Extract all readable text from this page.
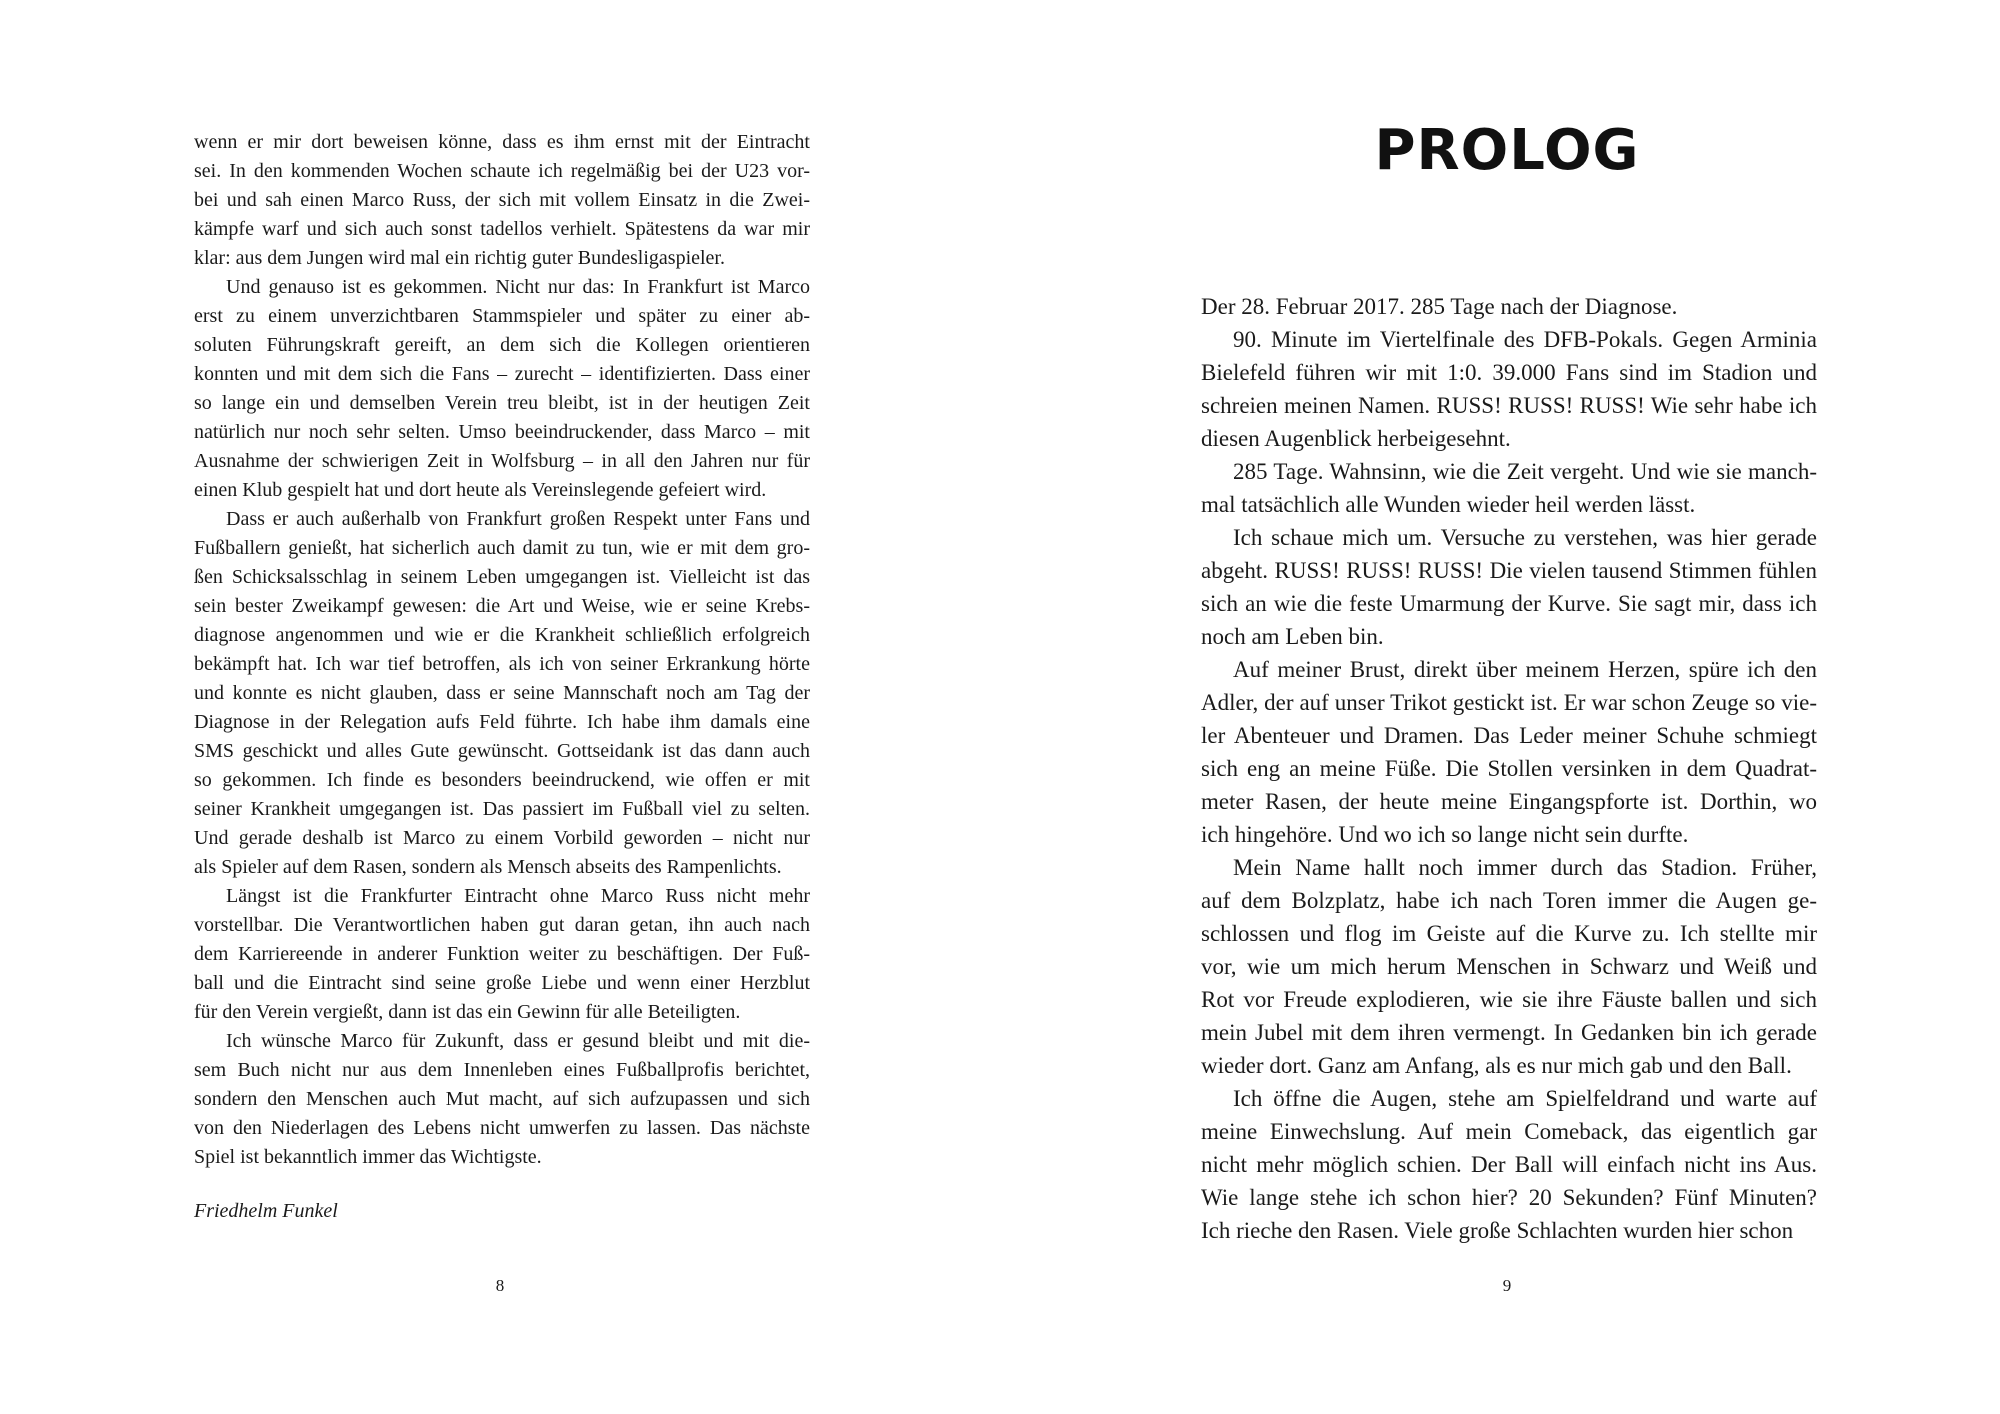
wenn er mir dort beweisen könne, dass es ihm ernst mit der Eintracht
sei. In den kommenden Wochen schaute ich regelmäßig bei der U23 vor-
bei und sah einen Marco Russ, der sich mit vollem Einsatz in die Zwei-
kämpfe warf und sich auch sonst tadellos verhielt. Spätestens da war mir
klar: aus dem Jungen wird mal ein richtig guter Bundesligaspieler.
Und genauso ist es gekommen. Nicht nur das: In Frankfurt ist Marco
erst zu einem unverzichtbaren Stammspieler und später zu einer ab-
soluten Führungskraft gereift, an dem sich die Kollegen orientieren
konnten und mit dem sich die Fans – zurecht – identifizierten. Dass einer
so lange ein und demselben Verein treu bleibt, ist in der heutigen Zeit
natürlich nur noch sehr selten. Umso beeindruckender, dass Marco – mit
Ausnahme der schwierigen Zeit in Wolfsburg – in all den Jahren nur für
einen Klub gespielt hat und dort heute als Vereinslegende gefeiert wird.
Dass er auch außerhalb von Frankfurt großen Respekt unter Fans und
Fußballern genießt, hat sicherlich auch damit zu tun, wie er mit dem gro-
ßen Schicksalsschlag in seinem Leben umgegangen ist. Vielleicht ist das
sein bester Zweikampf gewesen: die Art und Weise, wie er seine Krebs-
diagnose angenommen und wie er die Krankheit schließlich erfolgreich
bekämpft hat. Ich war tief betroffen, als ich von seiner Erkrankung hörte
und konnte es nicht glauben, dass er seine Mannschaft noch am Tag der
Diagnose in der Relegation aufs Feld führte. Ich habe ihm damals eine
SMS geschickt und alles Gute gewünscht. Gottseidank ist das dann auch
so gekommen. Ich finde es besonders beeindruckend, wie offen er mit
seiner Krankheit umgegangen ist. Das passiert im Fußball viel zu selten.
Und gerade deshalb ist Marco zu einem Vorbild geworden – nicht nur
als Spieler auf dem Rasen, sondern als Mensch abseits des Rampenlichts.
Längst ist die Frankfurter Eintracht ohne Marco Russ nicht mehr
vorstellbar. Die Verantwortlichen haben gut daran getan, ihn auch nach
dem Karriereende in anderer Funktion weiter zu beschäftigen. Der Fuß-
ball und die Eintracht sind seine große Liebe und wenn einer Herzblut
für den Verein vergießt, dann ist das ein Gewinn für alle Beteiligten.
Ich wünsche Marco für Zukunft, dass er gesund bleibt und mit die-
sem Buch nicht nur aus dem Innenleben eines Fußballprofis berichtet,
sondern den Menschen auch Mut macht, auf sich aufzupassen und sich
von den Niederlagen des Lebens nicht umwerfen zu lassen. Das nächste
Spiel ist bekanntlich immer das Wichtigste.
Friedhelm Funkel
8
PROLOG
Der 28. Februar 2017. 285 Tage nach der Diagnose.
90. Minute im Viertelfinale des DFB-Pokals. Gegen Arminia
Bielefeld führen wir mit 1:0. 39.000 Fans sind im Stadion und
schreien meinen Namen. RUSS! RUSS! RUSS! Wie sehr habe ich
diesen Augenblick herbeigesehnt.
285 Tage. Wahnsinn, wie die Zeit vergeht. Und wie sie manch-
mal tatsächlich alle Wunden wieder heil werden lässt.
Ich schaue mich um. Versuche zu verstehen, was hier gerade
abgeht. RUSS! RUSS! RUSS! Die vielen tausend Stimmen fühlen
sich an wie die feste Umarmung der Kurve. Sie sagt mir, dass ich
noch am Leben bin.
Auf meiner Brust, direkt über meinem Herzen, spüre ich den
Adler, der auf unser Trikot gestickt ist. Er war schon Zeuge so vie-
ler Abenteuer und Dramen. Das Leder meiner Schuhe schmiegt
sich eng an meine Füße. Die Stollen versinken in dem Quadrat-
meter Rasen, der heute meine Eingangspforte ist. Dorthin, wo
ich hingehöre. Und wo ich so lange nicht sein durfte.
Mein Name hallt noch immer durch das Stadion. Früher,
auf dem Bolzplatz, habe ich nach Toren immer die Augen ge-
schlossen und flog im Geiste auf die Kurve zu. Ich stellte mir
vor, wie um mich herum Menschen in Schwarz und Weiß und
Rot vor Freude explodieren, wie sie ihre Fäuste ballen und sich
mein Jubel mit dem ihren vermengt. In Gedanken bin ich gerade
wieder dort. Ganz am Anfang, als es nur mich gab und den Ball.
Ich öffne die Augen, stehe am Spielfeldrand und warte auf
meine Einwechslung. Auf mein Comeback, das eigentlich gar
nicht mehr möglich schien. Der Ball will einfach nicht ins Aus.
Wie lange stehe ich schon hier? 20 Sekunden? Fünf Minuten?
Ich rieche den Rasen. Viele große Schlachten wurden hier schon
9
